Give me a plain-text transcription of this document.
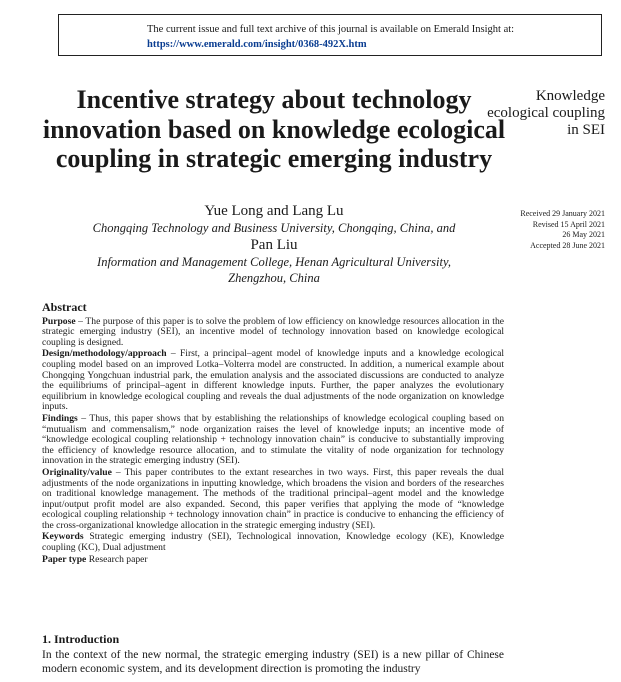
The current issue and full text archive of this journal is available on Emerald Insight at:
https://www.emerald.com/insight/0368-492X.htm
Incentive strategy about technology innovation based on knowledge ecological coupling in strategic emerging industry
Knowledge ecological coupling in SEI
Received 29 January 2021
Revised 15 April 2021
26 May 2021
Accepted 28 June 2021
Yue Long and Lang Lu
Chongqing Technology and Business University, Chongqing, China, and
Pan Liu
Information and Management College, Henan Agricultural University,
Zhengzhou, China
Abstract

Purpose – The purpose of this paper is to solve the problem of low efficiency on knowledge resources allocation in the strategic emerging industry (SEI), an incentive model of technology innovation based on knowledge ecological coupling is designed.

Design/methodology/approach – First, a principal–agent model of knowledge inputs and a knowledge ecological coupling model based on an improved Lotka–Volterra model are constructed. In addition, a numerical example about Chongqing Yongchuan industrial park, the emulation analysis and the associated discussions are conducted to analyze the equilibriums of principal–agent in different knowledge inputs. Further, the paper analyzes the evolutionary equilibrium in knowledge ecological coupling and reveals the dual adjustments of the node organization on knowledge inputs.

Findings – Thus, this paper shows that by establishing the relationships of knowledge ecological coupling based on “mutualism and commensalism,” node organization raises the level of knowledge inputs; an incentive mode of “knowledge ecological coupling relationship + technology innovation chain” is conducive to substantially improving the efficiency of knowledge resource allocation, and to stimulate the vitality of node organization for technology innovation in the strategic emerging industry (SEI).

Originality/value – This paper contributes to the extant researches in two ways. First, this paper reveals the dual adjustments of the node organizations in inputting knowledge, which broadens the vision and borders of the researches on traditional knowledge management. The methods of the traditional principal–agent model and the knowledge input/output profit model are also expanded. Second, this paper verifies that applying the mode of “knowledge ecological coupling relationship + technology innovation chain” in practice is conducive to enhancing the efficiency of the cross-organizational knowledge allocation in the strategic emerging industry (SEI).

Keywords Strategic emerging industry (SEI), Technological innovation, Knowledge ecology (KE), Knowledge coupling (KC), Dual adjustment

Paper type Research paper

1. Introduction

In the context of the new normal, the strategic emerging industry (SEI) is a new pillar of Chinese modern economic system, and its development direction is promoting the industry
